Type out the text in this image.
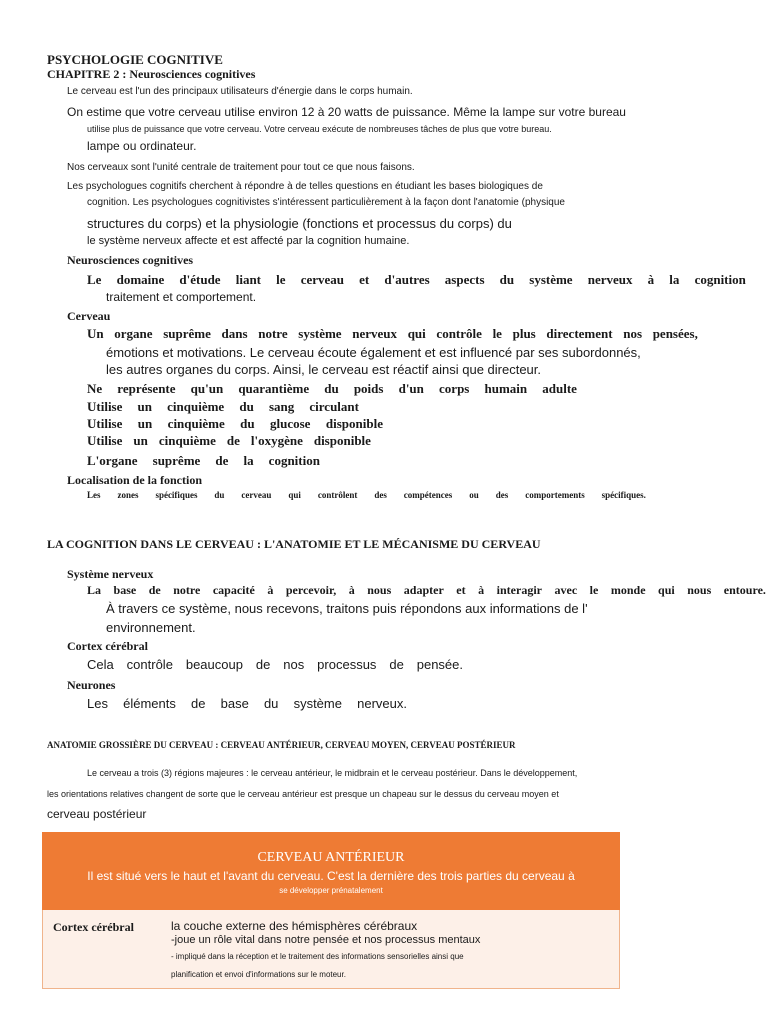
PSYCHOLOGIE COGNITIVE
CHAPITRE 2 : Neurosciences cognitives
Le cerveau est l'un des principaux utilisateurs d'énergie dans le corps humain.
On estime que votre cerveau utilise environ 12 à 20 watts de puissance. Même la lampe sur votre bureau
utilise plus de puissance que votre cerveau. Votre cerveau exécute de nombreuses tâches de plus que votre bureau.
lampe ou ordinateur.
Nos cerveaux sont l'unité centrale de traitement pour tout ce que nous faisons.
Les psychologues cognitifs cherchent à répondre à de telles questions en étudiant les bases biologiques de
cognition. Les psychologues cognitivistes s'intéressent particulièrement à la façon dont l'anatomie (physique
structures du corps) et la physiologie (fonctions et processus du corps) du
le système nerveux affecte et est affecté par la cognition humaine.
Neurosciences cognitives
Le domaine d'étude liant le cerveau et d'autres aspects du système nerveux à la cognition
traitement et comportement.
Cerveau
Un organe suprême dans notre système nerveux qui contrôle le plus directement nos pensées,
émotions et motivations. Le cerveau écoute également et est influencé par ses subordonnés,
les autres organes du corps. Ainsi, le cerveau est réactif ainsi que directeur.
Ne représente qu'un quarantième du poids d'un corps humain adulte
Utilise un cinquième du sang circulant
Utilise un cinquième du glucose disponible
Utilise un cinquième de l'oxygène disponible
L'organe suprême de la cognition
Localisation de la fonction
Les zones spécifiques du cerveau qui contrôlent des compétences ou des comportements spécifiques.
LA COGNITION DANS LE CERVEAU : L'ANATOMIE ET LE MÉCANISME DU CERVEAU
Système nerveux
La base de notre capacité à percevoir, à nous adapter et à interagir avec le monde qui nous entoure.
À travers ce système, nous recevons, traitons puis répondons aux informations de l'
environnement.
Cortex cérébral
Cela contrôle beaucoup de nos processus de pensée.
Neurones
Les éléments de base du système nerveux.
ANATOMIE GROSSIÈRE DU CERVEAU : CERVEAU ANTÉRIEUR, CERVEAU MOYEN, CERVEAU POSTÉRIEUR
Le cerveau a trois (3) régions majeures : le cerveau antérieur, le midbrain et le cerveau postérieur. Dans le développement,
les orientations relatives changent de sorte que le cerveau antérieur est presque un chapeau sur le dessus du cerveau moyen et
cerveau postérieur
CERVEAU ANTÉRIEUR
Il est situé vers le haut et l'avant du cerveau. C'est la dernière des trois parties du cerveau à
se développer prénatalement
Cortex cérébral	la couche externe des hémisphères cérébraux
-joue un rôle vital dans notre pensée et nos processus mentaux
- impliqué dans la réception et le traitement des informations sensorielles ainsi que
planification et envoi d'informations sur le moteur.
